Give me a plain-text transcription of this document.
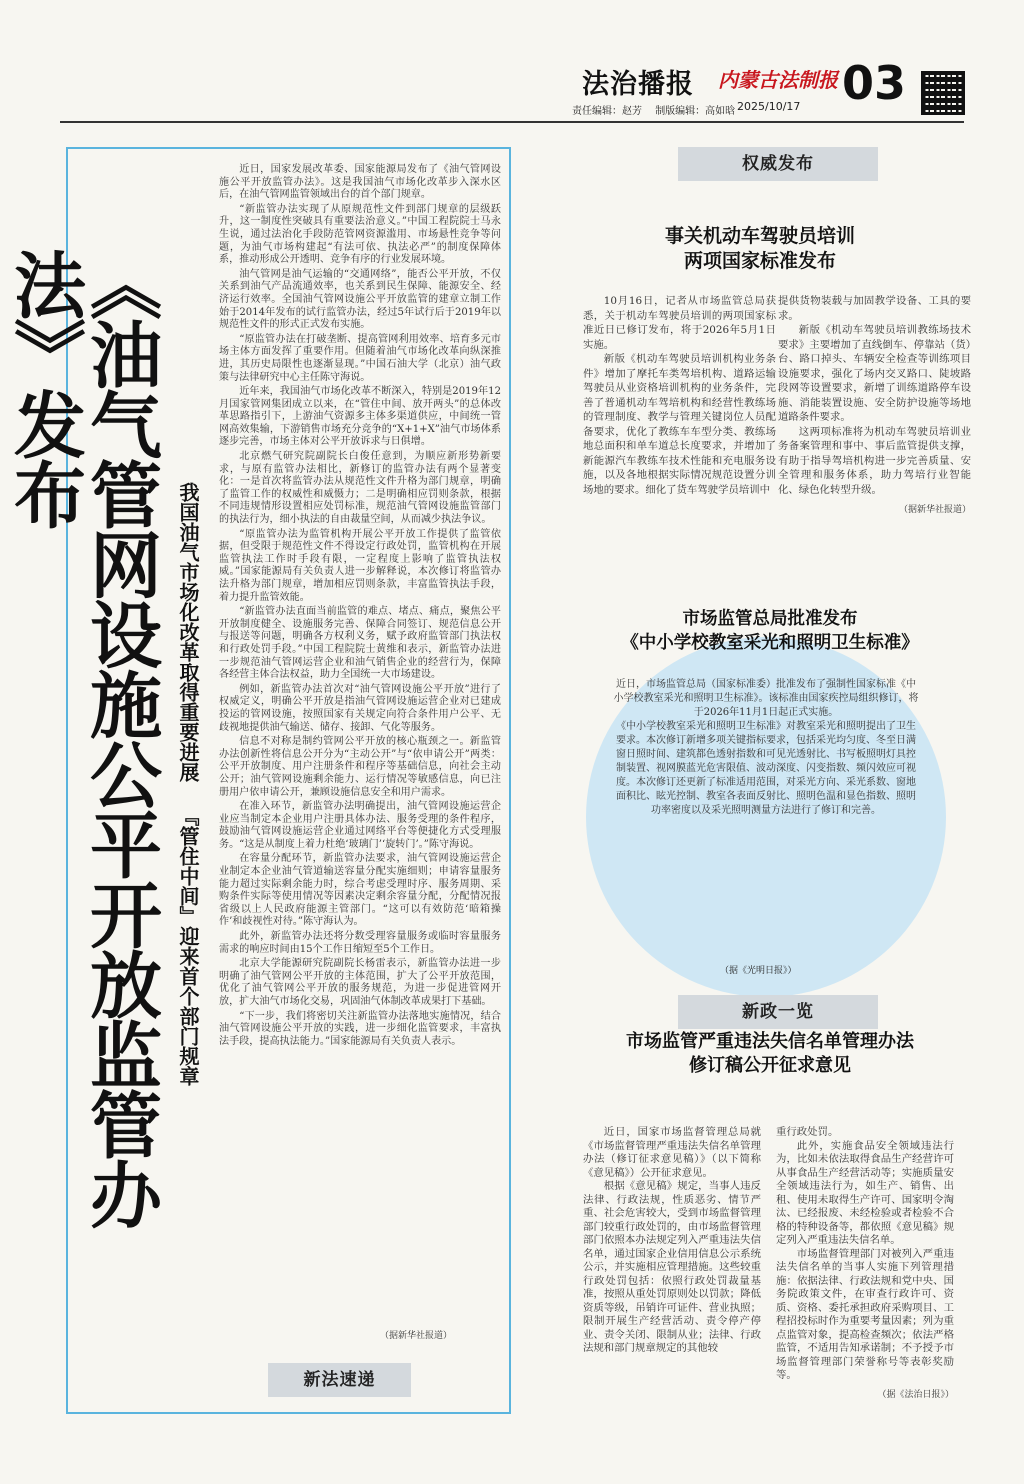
法治播报 内蒙古法制报 03
责任编辑：赵芳 制版编辑：高如晗 2025/10/17
《油气管网设施公平开放监管办法》发布
我国油气市场化改革取得重要进展 『管住中间』迎来首个部门规章

近日，国家发展改革委、国家能源局发布了《油气管网设施公平开放监管办法》。这是我国油气市场化改革步入深水区后，在油气管网监管领域出台的首个部门规章。

“新监管办法实现了从原规范性文件到部门规章的层级跃升，这一制度性突破具有重要法治意义。”中国工程院院士马永生说，通过法治化手段防范管网资源滥用、市场悬性竞争等问题，为油气市场构建起“有法可依、执法必严”的制度保障体系，推动形成公开透明、竞争有序的行业发展环境。

油气管网是油气运输的“交通网络”，能否公平开放，不仅关系到油气产品流通效率，也关系到民生保障、能源安全、经济运行效率。全国油气管网设施公平开放监管的建章立制工作始于2014年发布的试行监管办法，经过5年试行后于2019年以规范性文件的形式正式发布实施。

“原监管办法在打破垄断、提高管网利用效率、培育多元市场主体方面发挥了重要作用。但随着油气市场化改革向纵深推进，其历史局限性也逐渐显现。”中国石油大学（北京）油气政策与法律研究中心主任陈守海说。

近年来，我国油气市场化改革不断深入，特别是2019年12月国家管网集团成立以来，在“管住中间、放开两头”的总体改革思路指引下，上游油气资源多主体多渠道供应，中间统一管网高效集输，下游销售市场充分竞争的“X+1+X”油气市场体系逐步完善，市场主体对公平开放诉求与日俱增。

北京燃气研究院副院长白俊任意到，为顺应新形势新要求，与原有监管办法相比，新修订的监管办法有两个显著变化：一是首次将监管办法从规范性文件升格为部门规章，明确了监管工作的权威性和威慑力；二是明确相应罚则条款，根据不同违规情形设置相应处罚标准，规范油气管网设施监管部门的执法行为，细小执法的自由裁量空间，从而减少执法争议。

“原监管办法为监管机构开展公平开放工作提供了监管依据，但受限于规范性文件不得设定行政处罚，监管机构在开展监管执法工作时手段有限，一定程度上影响了监管执法权威。”国家能源局有关负责人进一步解释说，本次修订将监管办法升格为部门规章，增加相应罚则条款，丰富监管执法手段，着力提升监管效能。

“新监管办法直面当前监管的难点、堵点、痛点，聚焦公平开放制度健全、设施服务完善、保障合同签订、规范信息公开与报送等问题，明确各方权利义务，赋予政府监管部门执法权和行政处罚手段。”中国工程院院士黄维和表示，新监管办法进一步规范油气管网运营企业和油气销售企业的经营行为，保障各经营主体合法权益，助力全国统一大市场建设。

例如，新监管办法首次对“油气管网设施公平开放”进行了权威定义，明确公平开放是指油气管网设施运营企业对已建成投运的管网设施，按照国家有关规定向符合条件用户公平、无歧视地提供油气输送、储存、接卸、气化等服务。

信息不对称是制约管网公平开放的核心瓶颈之一。新监管办法创新性将信息公开分为“主动公开”与“依申请公开”两类：公平开放制度、用户注册条件和程序等基础信息，向社会主动公开；油气管网设施剩余能力、运行情况等敏感信息，向已注册用户依申请公开，兼顾设施信息安全和用户需求。

在准入环节，新监管办法明确提出，油气管网设施运营企业应当制定本企业用户注册具体办法、服务受理的条件程序，鼓励油气管网设施运营企业通过网络平台等便捷化方式受理服务。“这是从制度上着力杜绝‘玻璃门’‘旋转门’。”陈守海说。

在容量分配环节，新监管办法要求，油气管网设施运营企业制定本企业油气管道输送容量分配实施细则；申请容量服务能力超过实际剩余能力时，综合考虑受理时序、服务周期、采购条件实际等使用情况等因素决定剩余容量分配，分配情况报省级以上人民政府能源主管部门。“这可以有效防范‘暗箱操作’和歧视性对待。”陈守海认为。

此外，新监管办法还将分数受理容量服务或临时容量服务需求的响应时间由15个工作日缩短至5个工作日。

北京大学能源研究院副院长杨雷表示，新监管办法进一步明确了油气管网公平开放的主体范围，扩大了公平开放范围，优化了油气管网公平开放的服务规范，为进一步促进管网开放，扩大油气市场化交易，巩固油气体制改革成果打下基础。

“下一步，我们将密切关注新监管办法落地实施情况，结合油气管网设施公平开放的实践，进一步细化监管要求，丰富执法手段，提高执法能力。”国家能源局有关负责人表示。

（据新华社报道）
新法速递
权威发布
事关机动车驾驶员培训
两项国家标准发布

10月16日，记者从市场监管总局获悉，关于机动车驾驶员培训的两项国家标准近日已修订发布，将于2026年5月1日实施。

新版《机动车驾驶员培训机构业务条件》增加了摩托车类驾培机构、道路运输驾驶员从业资格培训机构的业务条件，完善了普通机动车驾培机构和经营性教练场的管理制度、教学与管理关键岗位人员配备要求，优化了教练车车型分类、教练场地总面积和单车道总长度要求，并增加了新能源汽车教练车技术性能和充电服务设施，以及各地根据实际情况规范设置分训场地的要求。细化了货车驾驶学员培训中

提供货物装载与加固教学设备、工具的要求。

新版《机动车驾驶员培训教练场技术要求》主要增加了直线倒车、停靠站（货）台、路口掉头、车辆安全检查等训练项目设施要求，强化了场内交叉路口、陡坡路段网等设置要求，新增了训练道路停车设施、消能装置设施、安全防护设施等场地道路条件要求。

这两项标准将为机动车驾驶员培训业务备案管理和事中、事后监管提供支撑，有助于指导驾培机构进一步完善质量、安全管理和服务体系，助力驾培行业智能化、绿色化转型升级。

（据新华社报道）
市场监管总局批准发布
《中小学校教室采光和照明卫生标准》

近日，市场监管总局（国家标准委）批准发布了强制性国家标准《中小学校教室采光和照明卫生标准》。该标准由国家疾控局组织修订，将于2026年11月1日起正式实施。

《中小学校教室采光和照明卫生标准》对教室采光和照明提出了卫生要求。本次修订新增多项关键指标要求，包括采光均匀度、冬至日满窗日照时间、建筑都色透射指数和可见光透射比、书写板照明灯具控制装置、视网膜蓝光危害限值、波动深度、闪变指数、频闪效应可视度。本次修订还更新了标准适用范围，对采光方向、采光系数、窗地面积比、眩光控制、教室各表面反射比、照明色温和显色指数、照明功率密度以及采光照明测量方法进行了修订和完善。

（据《光明日报》）
新政一览
市场监管严重违法失信名单管理办法
修订稿公开征求意见

近日，国家市场监督管理总局就《市场监督管理严重违法失信名单管理办法（修订征求意见稿）》（以下简称《意见稿》）公开征求意见。

根据《意见稿》规定，当事人违反法律、行政法规，性质恶劣、情节严重、社会危害较大，受到市场监督管理部门较重行政处罚的，由市场监督管理部门依照本办法规定列入严重违法失信名单，通过国家企业信用信息公示系统公示，并实施相应管理措施。这些较重行政处罚包括：依照行政处罚裁量基准，按照从重处罚原则处以罚款；降低资质等级，吊销许可证件、营业执照；限制开展生产经营活动、责令停产停业、责令关闭、限制从业；法律、行政法规和部门规章规定的其他较

重行政处罚。

此外，实施食品安全领域违法行为，比如未依法取得食品生产经营许可从事食品生产经营活动等；实施质量安全领域违法行为，如生产、销售、出租、使用未取得生产许可、国家明令淘汰、已经报废、未经检验或者检验不合格的特种设备等，都依照《意见稿》规定列入严重违法失信名单。

市场监督管理部门对被列入严重违法失信名单的当事人实施下列管理措施：依据法律、行政法规和党中央、国务院政策文件，在审查行政许可、资质、资格、委托承担政府采购项目、工程招投标时作为重要考量因素；列为重点监管对象，提高检查频次；依法严格监管，不适用告知承诺制；不予授予市场监督管理部门荣誉称号等表彰奖励等。

（据《法治日报》）
